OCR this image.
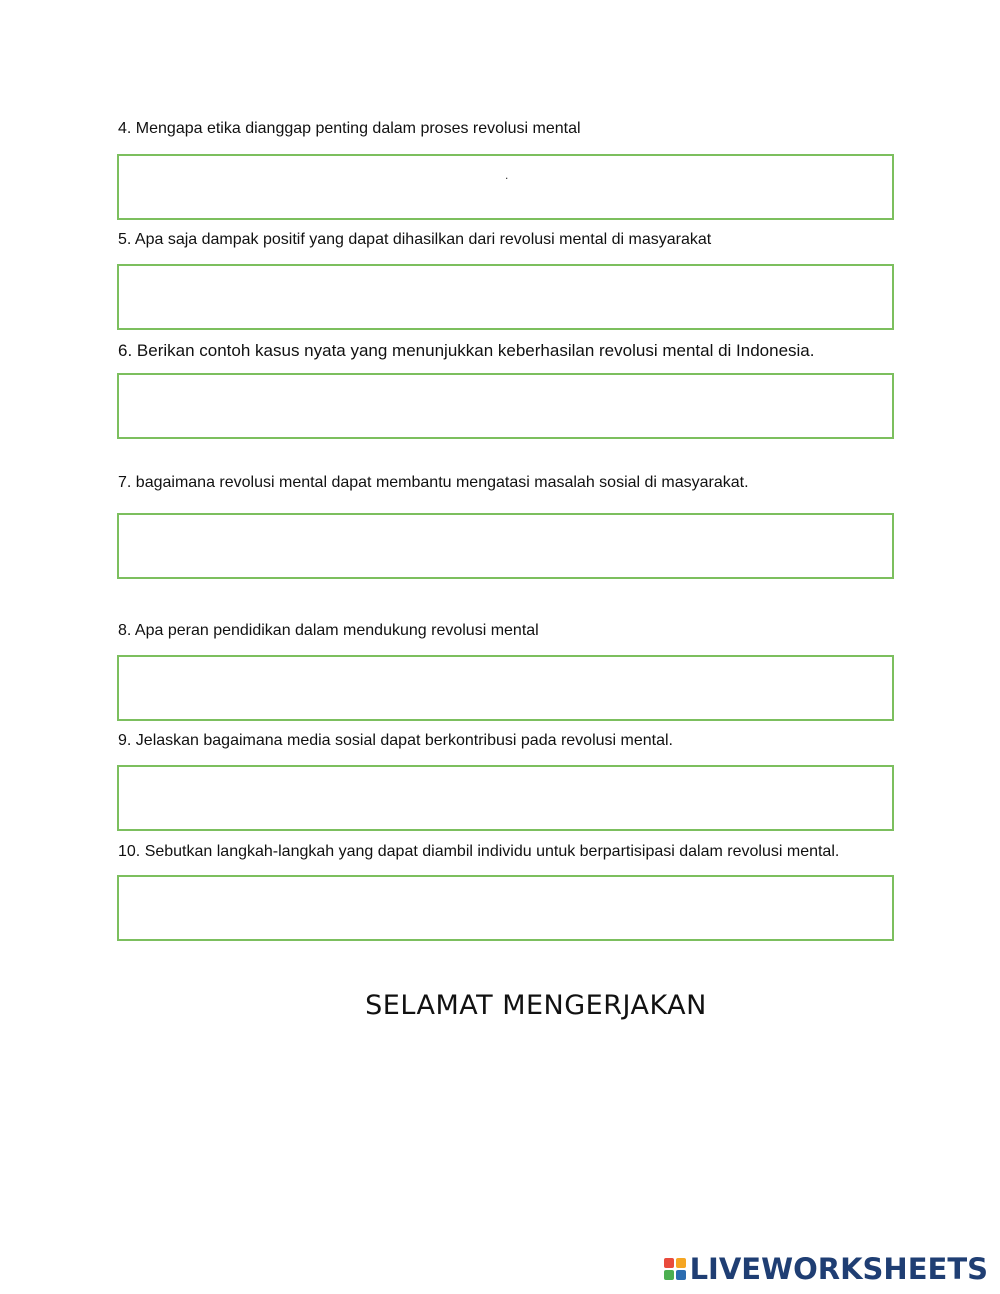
4. Mengapa etika dianggap penting dalam proses revolusi mental
.
5. Apa saja dampak positif yang dapat dihasilkan dari revolusi mental di masyarakat
6. Berikan contoh kasus nyata yang menunjukkan keberhasilan revolusi mental di Indonesia.
7. bagaimana revolusi mental dapat membantu mengatasi masalah sosial di masyarakat.
8. Apa peran pendidikan dalam mendukung revolusi mental
9. Jelaskan bagaimana media sosial dapat berkontribusi pada revolusi mental.
10. Sebutkan langkah-langkah yang dapat diambil individu untuk berpartisipasi dalam revolusi mental.
SELAMAT MENGERJAKAN
LIVEWORKSHEETS
